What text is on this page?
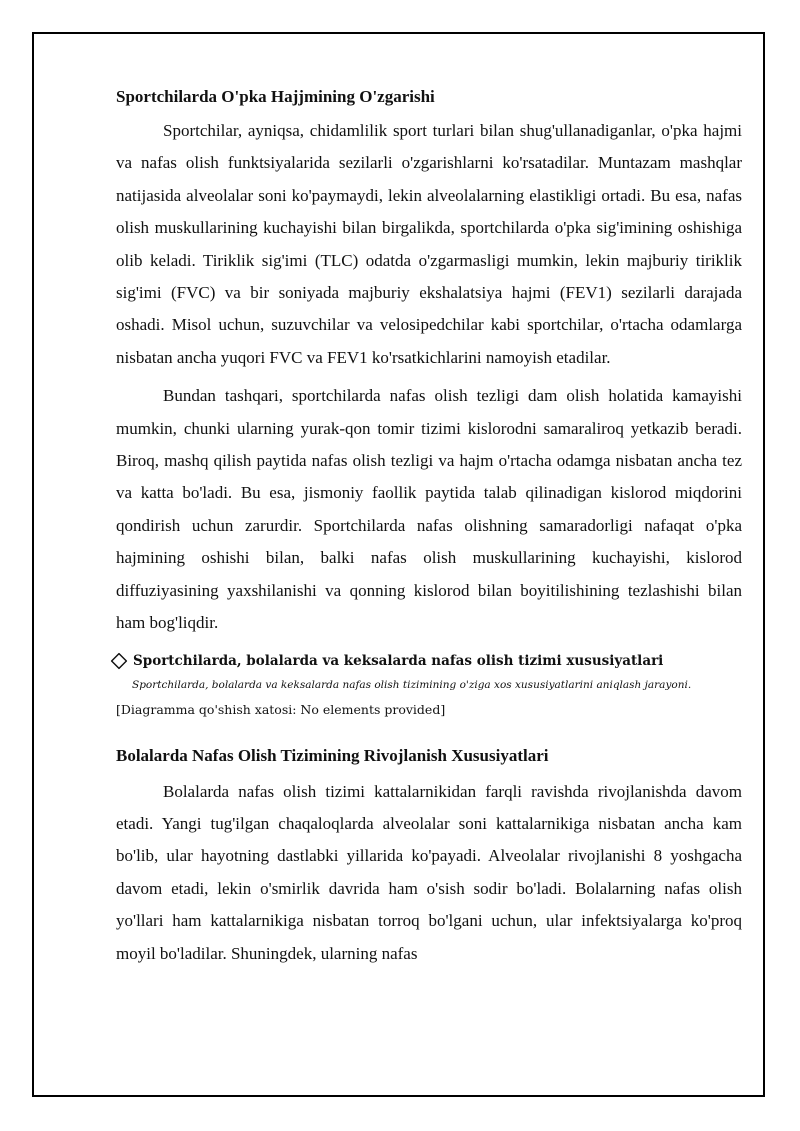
Sportchilarda O'pka Hajjmining O'zgarishi

Sportchilar, ayniqsa, chidamlilik sport turlari bilan shug'ullanadiganlar, o'pka hajmi va nafas olish funktsiyalarida sezilarli o'zgarishlarni ko'rsatadilar. Muntazam mashqlar natijasida alveolalar soni ko'paymaydi, lekin alveolalarning elastikligi ortadi. Bu esa, nafas olish muskullarining kuchayishi bilan birgalikda, sportchilarda o'pka sig'imining oshishiga olib keladi. Tiriklik sig'imi (TLC) odatda o'zgarmasligi mumkin, lekin majburiy tiriklik sig'imi (FVC) va bir soniyada majburiy ekshalatsiya hajmi (FEV1) sezilarli darajada oshadi. Misol uchun, suzuvchilar va velosipedchilar kabi sportchilar, o'rtacha odamlarga nisbatan ancha yuqori FVC va FEV1 ko'rsatkichlarini namoyish etadilar.

Bundan tashqari, sportchilarda nafas olish tezligi dam olish holatida kamayishi mumkin, chunki ularning yurak-qon tomir tizimi kislorodni samaraliroq yetkazib beradi. Biroq, mashq qilish paytida nafas olish tezligi va hajm o'rtacha odamga nisbatan ancha tez va katta bo'ladi. Bu esa, jismoniy faollik paytida talab qilinadigan kislorod miqdorini qondirish uchun zarurdir. Sportchilarda nafas olishning samaradorligi nafaqat o'pka hajmining oshishi bilan, balki nafas olish muskullarining kuchayishi, kislorod diffuziyasining yaxshilanishi va qonning kislorod bilan boyitilishining tezlashishi bilan ham bog'liqdir.

Sportchilarda, bolalarda va keksalarda nafas olish tizimi xususiyatlari
Sportchilarda, bolalarda va keksalarda nafas olish tizimining o'ziga xos xususiyatlarini aniqlash jarayoni.
[Diagramma qo'shish xatosi: No elements provided]
Bolalarda Nafas Olish Tizimining Rivojlanish Xususiyatlari

Bolalarda nafas olish tizimi kattalarnikidan farqli ravishda rivojlanishda davom etadi. Yangi tug'ilgan chaqaloqlarda alveolalar soni kattalarnikiga nisbatan ancha kam bo'lib, ular hayotning dastlabki yillarida ko'payadi. Alveolalar rivojlanishi 8 yoshgacha davom etadi, lekin o'smirlik davrida ham o'sish sodir bo'ladi. Bolalarning nafas olish yo'llari ham kattalarnikiga nisbatan torroq bo'lgani uchun, ular infektsiyalarga ko'proq moyil bo'ladilar. Shuningdek, ularning nafas
